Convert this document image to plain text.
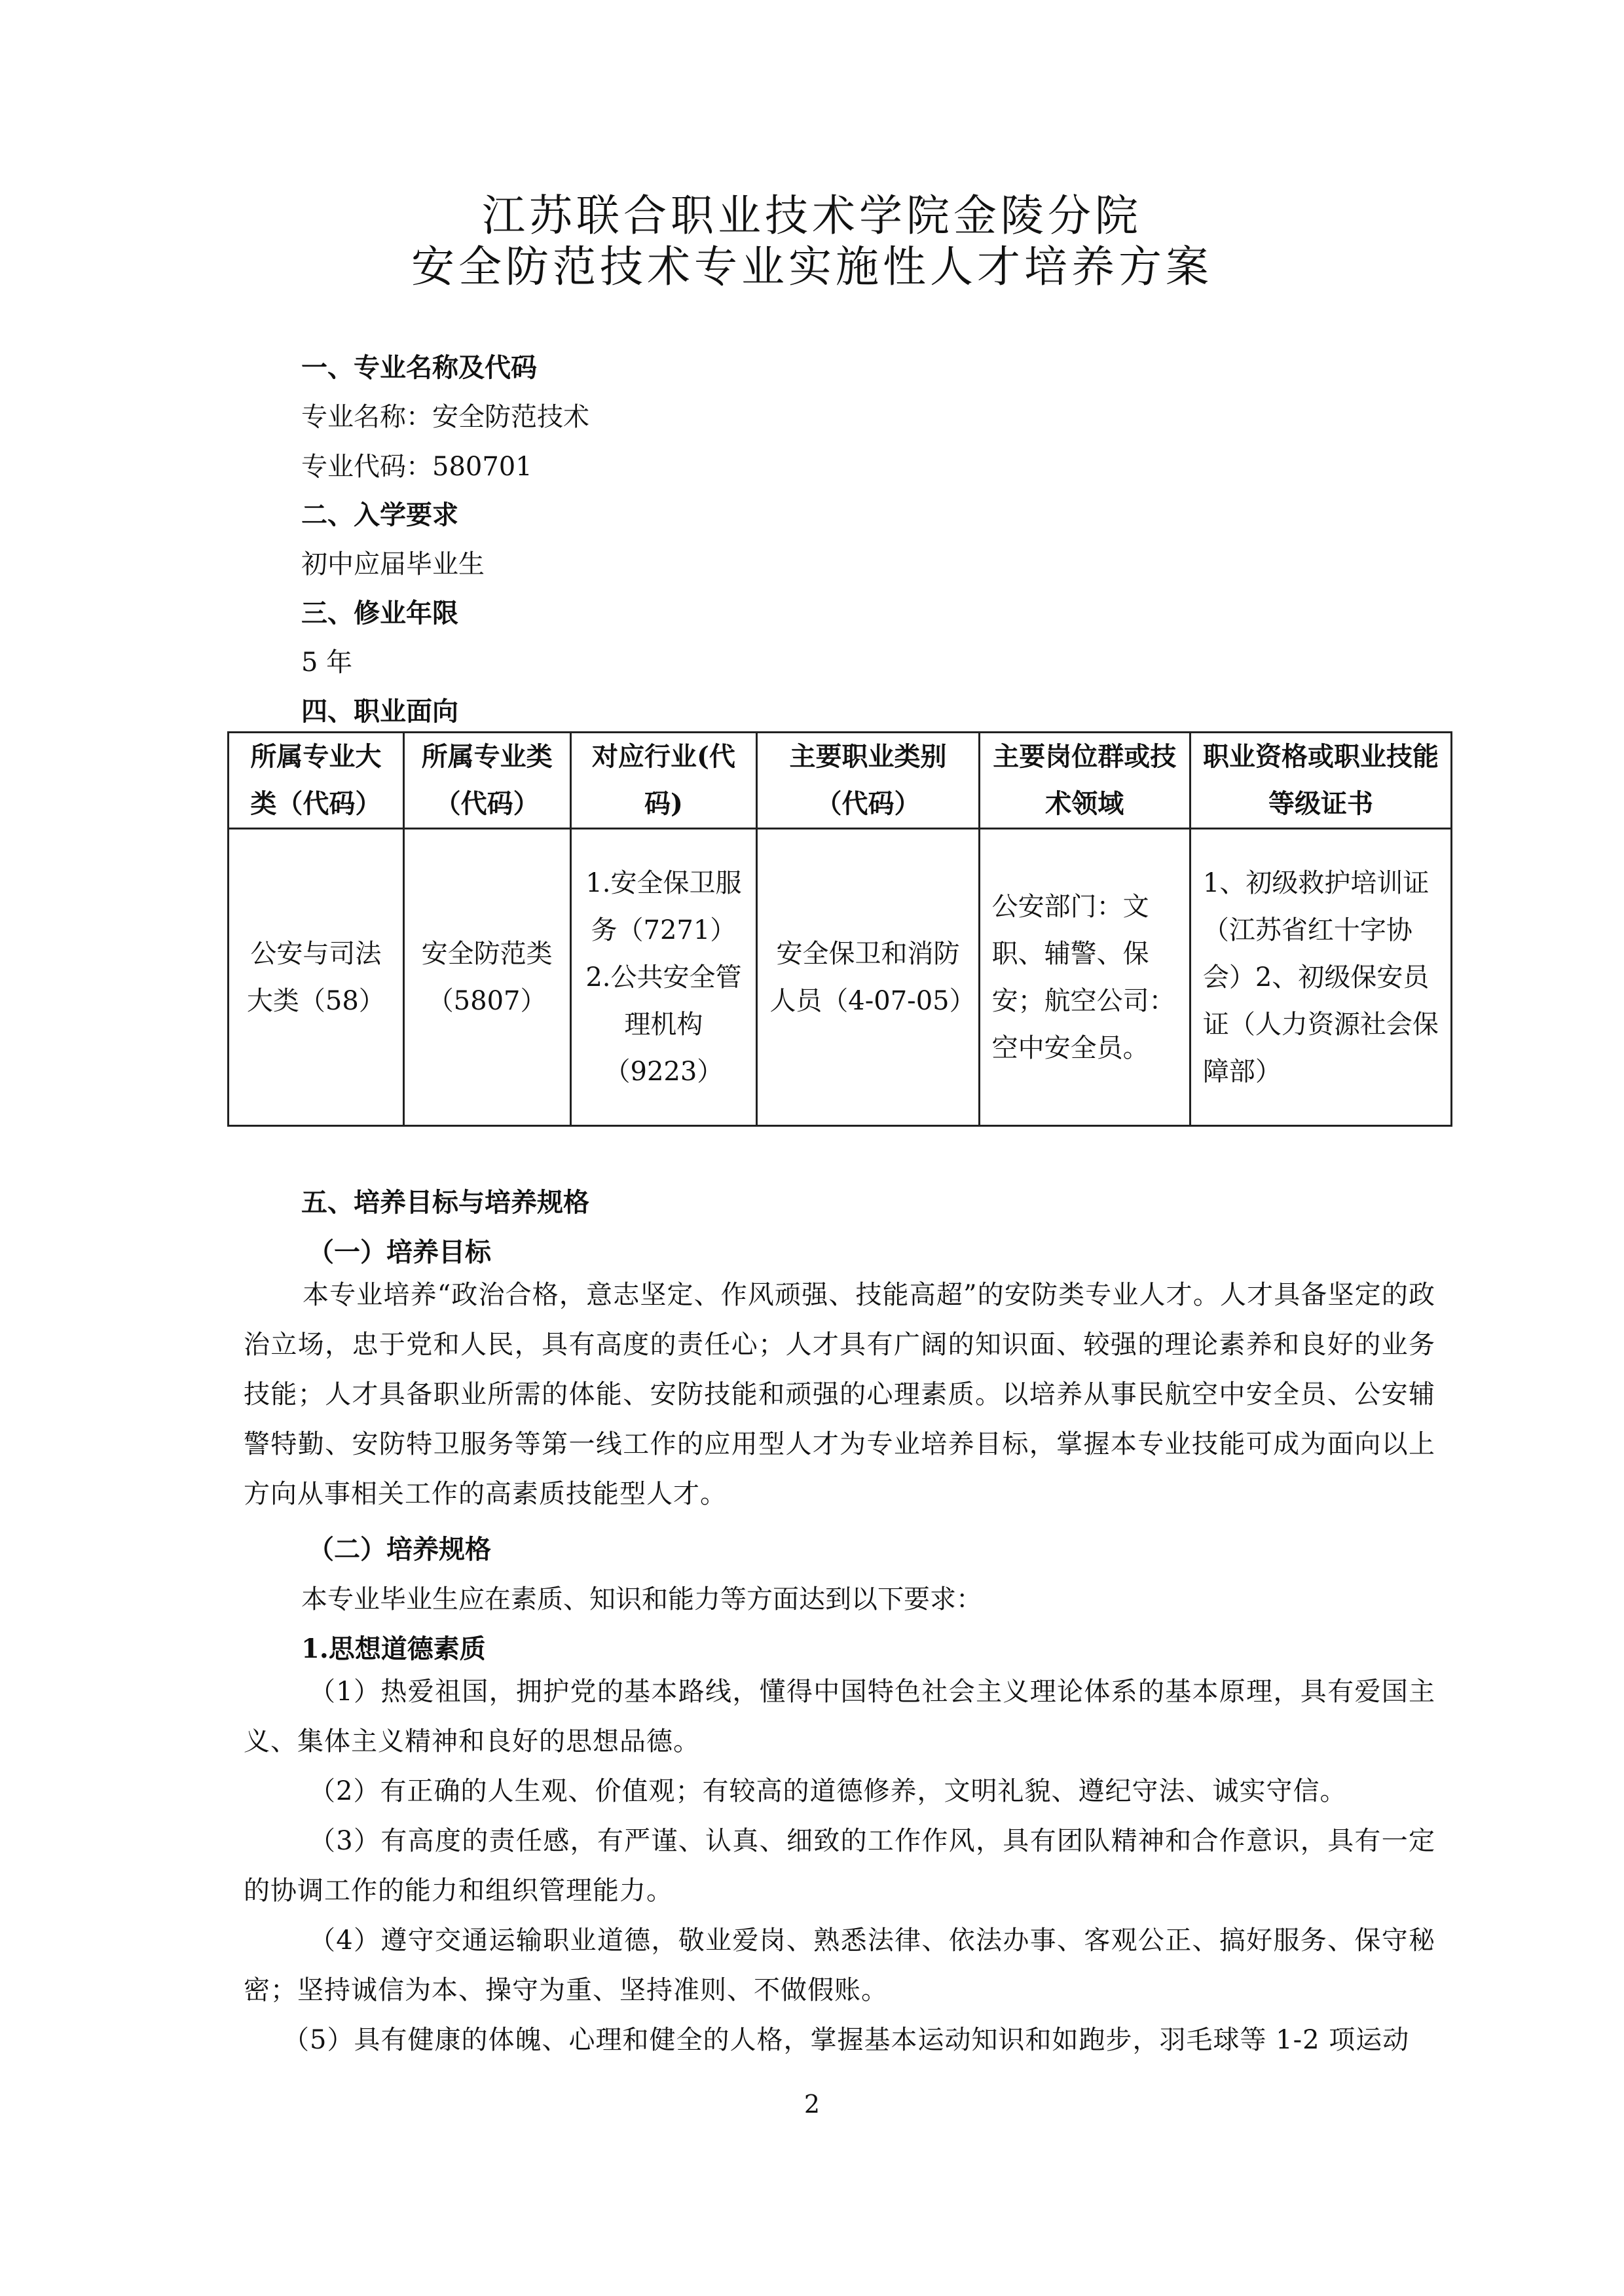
江苏联合职业技术学院金陵分院
安全防范技术专业实施性人才培养方案
一、专业名称及代码
专业名称：安全防范技术
专业代码：580701
二、入学要求
初中应届毕业生
三、修业年限
5 年
四、职业面向
所属专业大类（代码）	所属专业类（代码）	对应行业(代码)	主要职业类别（代码）	主要岗位群或技术领域	职业资格或职业技能等级证书
公安与司法大类（58）	安全防范类（5807）	1.安全保卫服务（7271）2.公共安全管理机构（9223）	安全保卫和消防人员（4-07-05）	公安部门：文职、辅警、保安；航空公司：空中安全员。	1、初级救护培训证（江苏省红十字协会）2、初级保安员证（人力资源社会保障部）
五、培养目标与培养规格
（一）培养目标
本专业培养“政治合格，意志坚定、作风顽强、技能高超”的安防类专业人才。人才具备坚定的政治立场，忠于党和人民，具有高度的责任心；人才具有广阔的知识面、较强的理论素养和良好的业务技能；人才具备职业所需的体能、安防技能和顽强的心理素质。以培养从事民航空中安全员、公安辅警特勤、安防特卫服务等第一线工作的应用型人才为专业培养目标，掌握本专业技能可成为面向以上方向从事相关工作的高素质技能型人才。
（二）培养规格
本专业毕业生应在素质、知识和能力等方面达到以下要求：
1.思想道德素质
（1）热爱祖国，拥护党的基本路线，懂得中国特色社会主义理论体系的基本原理，具有爱国主义、集体主义精神和良好的思想品德。
（2）有正确的人生观、价值观；有较高的道德修养，文明礼貌、遵纪守法、诚实守信。
（3）有高度的责任感，有严谨、认真、细致的工作作风，具有团队精神和合作意识，具有一定的协调工作的能力和组织管理能力。
（4）遵守交通运输职业道德，敬业爱岗、熟悉法律、依法办事、客观公正、搞好服务、保守秘密；坚持诚信为本、操守为重、坚持准则、不做假账。
（5）具有健康的体魄、心理和健全的人格，掌握基本运动知识和如跑步，羽毛球等 1-2 项运动
2
